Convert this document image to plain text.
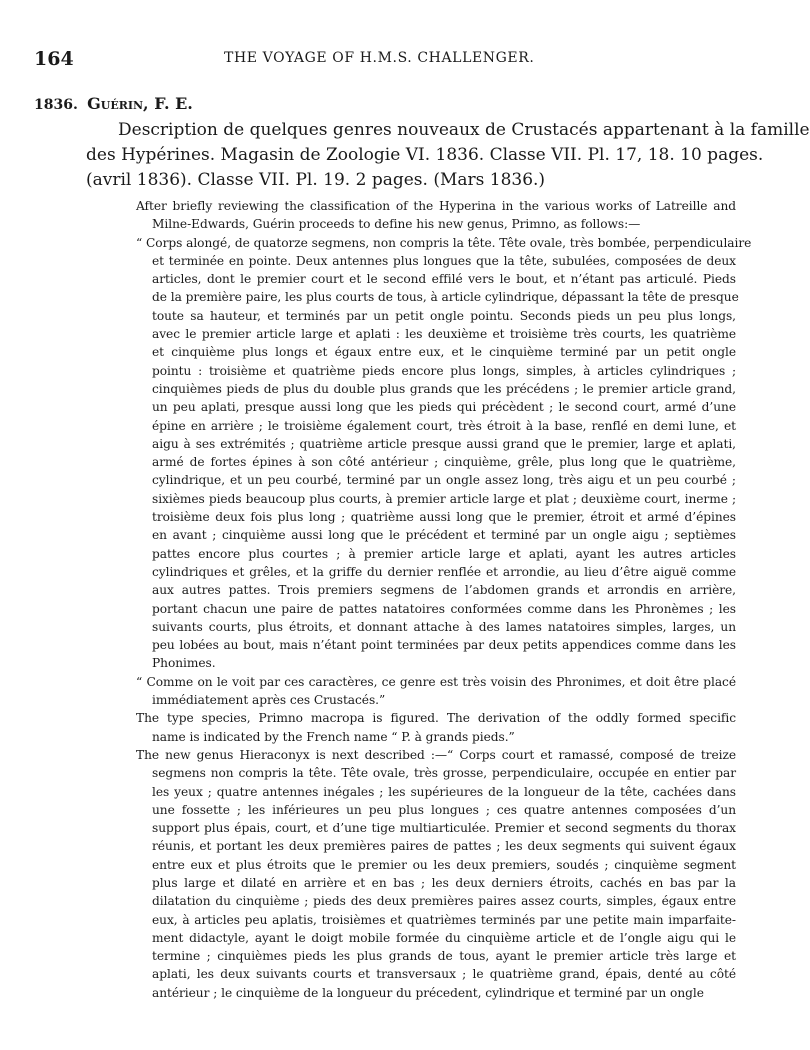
164	THE VOYAGE OF H.M.S. CHALLENGER.
1836. Guérin, F. E.

Description de quelques genres nouveaux de Crustacés appartenant à la famille
des Hypérines. Magasin de Zoologie VI. 1836. Classe VII. Pl. 17, 18. 10 pages.
(avril 1836). Classe VII. Pl. 19. 2 pages. (Mars 1836.)

After briefly reviewing the classification of the Hyperina in the various works of Latreille and
Milne-Edwards, Guérin proceeds to define his new genus, Primno, as follows:—

“ Corps alongé, de quatorze segmens, non compris la tête. Tête ovale, très bombée, perpendiculaire
et terminée en pointe. Deux antennes plus longues que la tête, subulées, composées de deux
articles, dont le premier court et le second effilé vers le bout, et n’étant pas articulé. Pieds
de la première paire, les plus courts de tous, à article cylindrique, dépassant la tête de presque
toute sa hauteur, et terminés par un petit ongle pointu. Seconds pieds un peu plus longs,
avec le premier article large et aplati : les deuxième et troisième très courts, les quatrième
et cinquième plus longs et égaux entre eux, et le cinquième terminé par un petit ongle
pointu : troisième et quatrième pieds encore plus longs, simples, à articles cylindriques ;
cinquièmes pieds de plus du double plus grands que les précédens ; le premier article grand,
un peu aplati, presque aussi long que les pieds qui précèdent ; le second court, armé d’une
épine en arrière ; le troisième également court, très étroit à la base, renflé en demi lune, et
aigu à ses extrémités ; quatrième article presque aussi grand que le premier, large et aplati,
armé de fortes épines à son côté antérieur ; cinquième, grêle, plus long que le quatrième,
cylindrique, et un peu courbé, terminé par un ongle assez long, très aigu et un peu courbé ;
sixièmes pieds beaucoup plus courts, à premier article large et plat ; deuxième court, inerme ;
troisième deux fois plus long ; quatrième aussi long que le premier, étroit et armé d’épines
en avant ; cinquième aussi long que le précédent et terminé par un ongle aigu ; septièmes
pattes encore plus courtes ; à premier article large et aplati, ayant les autres articles
cylindriques et grêles, et la griffe du dernier renflée et arrondie, au lieu d’être aiguë comme
aux autres pattes. Trois premiers segmens de l’abdomen grands et arrondis en arrière,
portant chacun une paire de pattes natatoires conformées comme dans les Phronèmes ; les
suivants courts, plus étroits, et donnant attache à des lames natatoires simples, larges, un
peu lobées au bout, mais n’étant point terminées par deux petits appendices comme dans les
Phonimes.

“ Comme on le voit par ces caractères, ce genre est très voisin des Phronimes, et doit être placé
immédiatement après ces Crustacés.”

The type species, Primno macropa is figured. The derivation of the oddly formed specific
name is indicated by the French name “ P. à grands pieds.”

The new genus Hieraconyx is next described :—“ Corps court et ramassé, composé de treize
segmens non compris la tête. Tête ovale, très grosse, perpendiculaire, occupée en entier par
les yeux ; quatre antennes inégales ; les supérieures de la longueur de la tête, cachées dans
une fossette ; les inférieures un peu plus longues ; ces quatre antennes composées d’un
support plus épais, court, et d’une tige multiarticulée. Premier et second segments du thorax
réunis, et portant les deux premières paires de pattes ; les deux segments qui suivent égaux
entre eux et plus étroits que le premier ou les deux premiers, soudés ; cinquième segment
plus large et dilaté en arrière et en bas ; les deux derniers étroits, cachés en bas par la
dilatation du cinquième ; pieds des deux premières paires assez courts, simples, égaux entre
eux, à articles peu aplatis, troisièmes et quatrièmes terminés par une petite main imparfaite-
ment didactyle, ayant le doigt mobile formée du cinquième article et de l’ongle aigu qui le
termine ; cinquièmes pieds les plus grands de tous, ayant le premier article très large et
aplati, les deux suivants courts et transversaux ; le quatrième grand, épais, denté au côté
antérieur ; le cinquième de la longueur du précedent, cylindrique et terminé par un ongle
